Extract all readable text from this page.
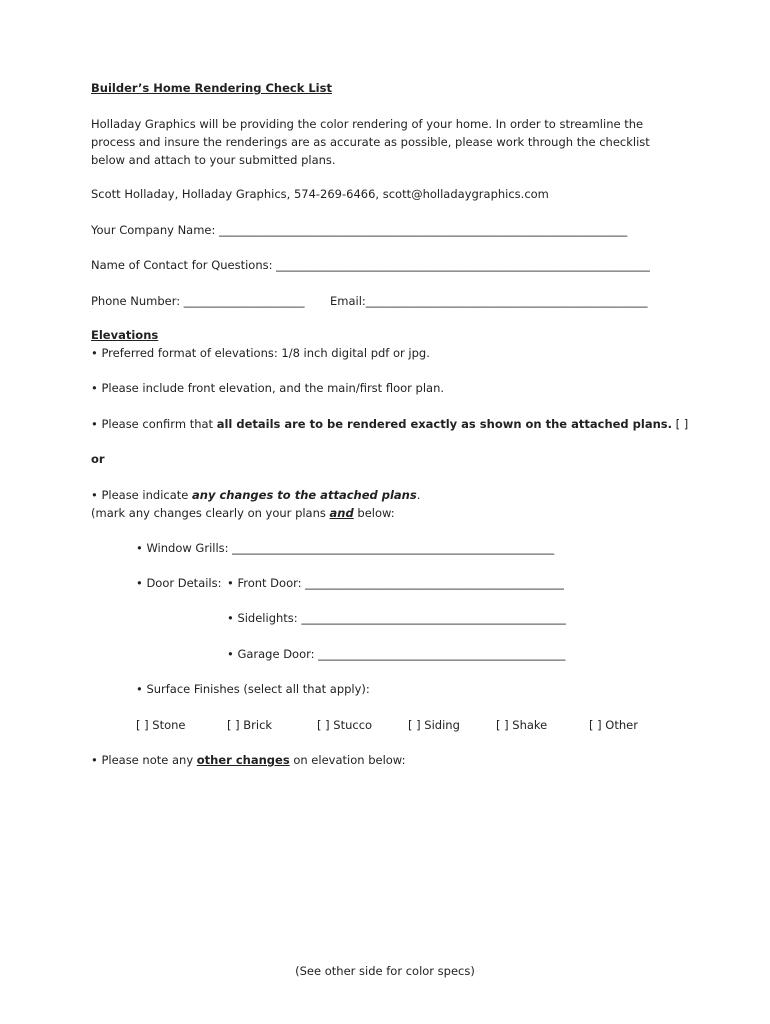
Builder’s Home Rendering Check List
Holladay Graphics will be providing the color rendering of your home. In order to streamline the
process and insure the renderings are as accurate as possible, please work through the checklist
below and attach to your submitted plans.
Scott Holladay, Holladay Graphics, 574-269-6466, scott@holladaygraphics.com
Your Company Name: _______________________________________________________________________
Name of Contact for Questions: _________________________________________________________________
Phone Number: _____________________ Email:_________________________________________________
Elevations
• Preferred format of elevations: 1/8 inch digital pdf or jpg.
• Please include front elevation, and the main/first floor plan.
• Please confirm that all details are to be rendered exactly as shown on the attached plans. [ ]
or
• Please indicate any changes to the attached plans.
(mark any changes clearly on your plans and below:
• Window Grills: ________________________________________________________
• Door Details: • Front Door: _____________________________________________
• Sidelights: ______________________________________________
• Garage Door: ___________________________________________
• Surface Finishes (select all that apply):
[ ] Stone	[ ] Brick	[ ] Stucco	[ ] Siding	[ ] Shake	[ ] Other
• Please note any other changes on elevation below:
(See other side for color specs)
